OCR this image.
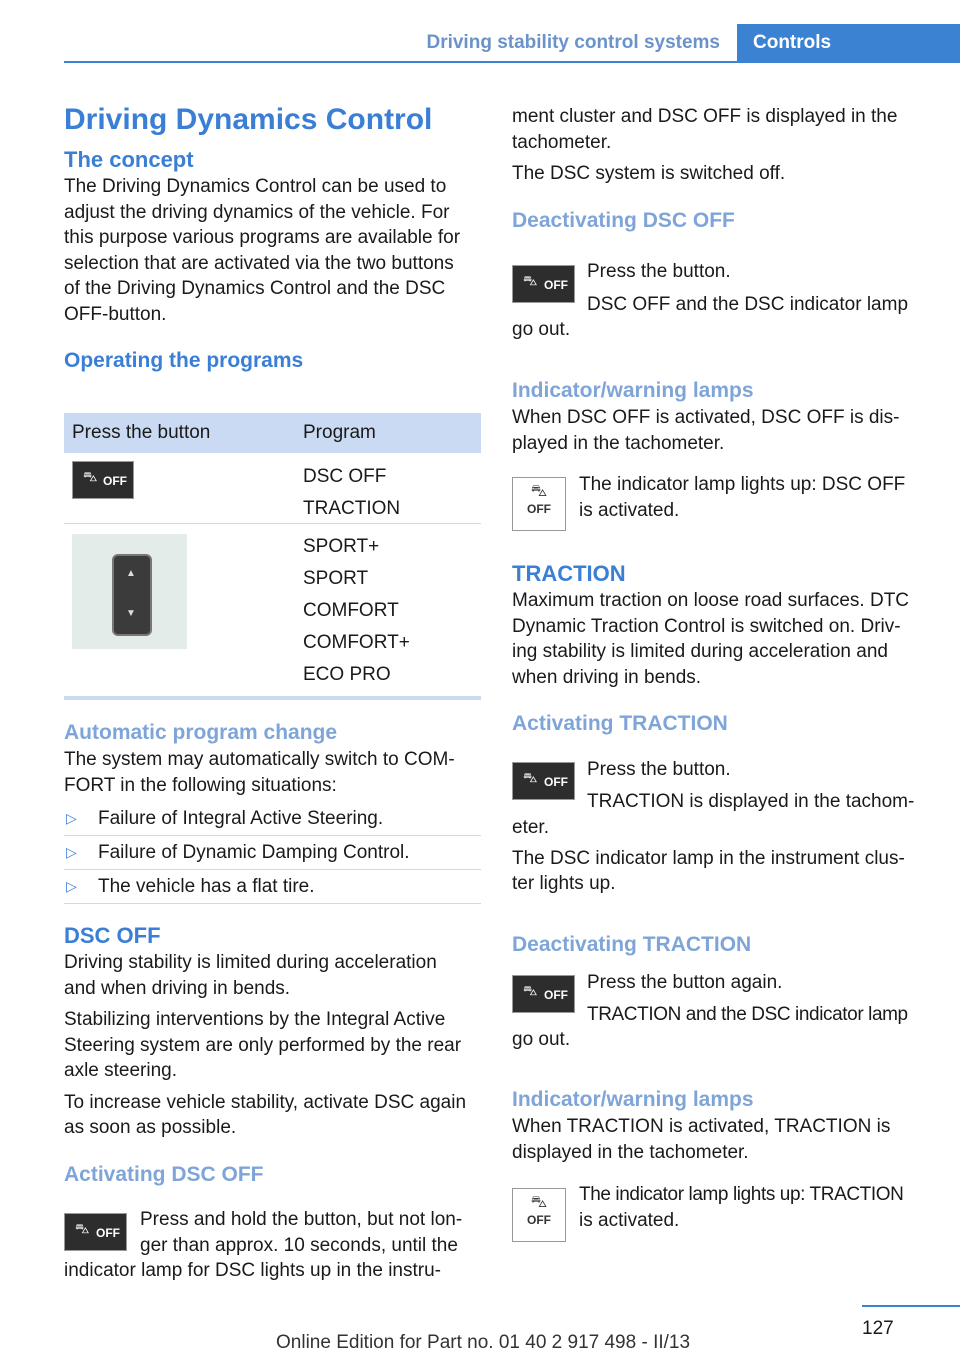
Driving stability control systems	Controls
Driving Dynamics Control
The concept

The Driving Dynamics Control can be used to

adjust the driving dynamics of the vehicle. For

this purpose various programs are available for

selection that are activated via the two buttons

of the Driving Dynamics Control and the DSC

OFF-button.

Operating the programs
Press the button	Program
⛍ OFF	DSC OFF

TRACTION

▲
▼

SPORT+

SPORT

COMFORT

COMFORT+

ECO PRO

Automatic program change

The system may automatically switch to COM-

FORT in the following situations:

▷ Failure of Integral Active Steering.
▷ Failure of Dynamic Damping Control.
▷ The vehicle has a flat tire.
DSC OFF

Driving stability is limited during acceleration

and when driving in bends.

Stabilizing interventions by the Integral Active

Steering system are only performed by the rear

axle steering.

To increase vehicle stability, activate DSC again

as soon as possible.

Activating DSC OFF
⛍ OFF

Press and hold the button, but not lon-

ger than approx. 10 seconds, until the

indicator lamp for DSC lights up in the instru-

ment cluster and DSC OFF is displayed in the

tachometer.

The DSC system is switched off.

Deactivating DSC OFF
⛍ OFF

Press the button.

DSC OFF and the DSC indicator lamp

go out.

Indicator/warning lamps

When DSC OFF is activated, DSC OFF is dis-

played in the tachometer.

⛍
OFF

The indicator lamp lights up: DSC OFF

is activated.

TRACTION

Maximum traction on loose road surfaces. DTC

Dynamic Traction Control is switched on. Driv-

ing stability is limited during acceleration and

when driving in bends.

Activating TRACTION
⛍ OFF

Press the button.

TRACTION is displayed in the tachom-

eter.

The DSC indicator lamp in the instrument clus-

ter lights up.

Deactivating TRACTION
⛍ OFF

Press the button again.

TRACTION and the DSC indicator lamp

go out.

Indicator/warning lamps

When TRACTION is activated, TRACTION is

displayed in the tachometer.

⛍
OFF

The indicator lamp lights up: TRACTION

is activated.

127
Online Edition for Part no. 01 40 2 917 498 - II/13
